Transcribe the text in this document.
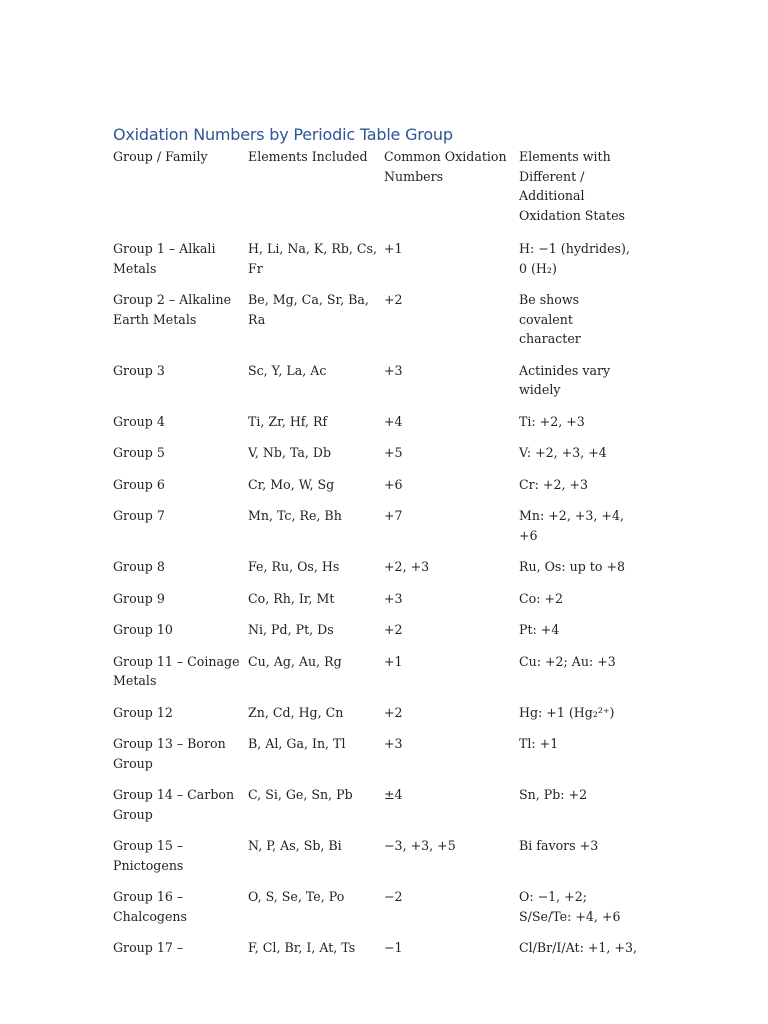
Oxidation Numbers by Periodic Table Group
Group / Family	Elements Included	Common Oxidation Numbers	Elements with Different / Additional Oxidation States
Group 1 – Alkali Metals	H, Li, Na, K, Rb, Cs, Fr	+1	H: −1 (hydrides), 0 (H₂)
Group 2 – Alkaline Earth Metals	Be, Mg, Ca, Sr, Ba, Ra	+2	Be shows covalent character
Group 3	Sc, Y, La, Ac	+3	Actinides vary widely
Group 4	Ti, Zr, Hf, Rf	+4	Ti: +2, +3
Group 5	V, Nb, Ta, Db	+5	V: +2, +3, +4
Group 6	Cr, Mo, W, Sg	+6	Cr: +2, +3
Group 7	Mn, Tc, Re, Bh	+7	Mn: +2, +3, +4, +6
Group 8	Fe, Ru, Os, Hs	+2, +3	Ru, Os: up to +8
Group 9	Co, Rh, Ir, Mt	+3	Co: +2
Group 10	Ni, Pd, Pt, Ds	+2	Pt: +4
Group 11 – Coinage Metals	Cu, Ag, Au, Rg	+1	Cu: +2; Au: +3
Group 12	Zn, Cd, Hg, Cn	+2	Hg: +1 (Hg₂²⁺)
Group 13 – Boron Group	B, Al, Ga, In, Tl	+3	Tl: +1
Group 14 – Carbon Group	C, Si, Ge, Sn, Pb	±4	Sn, Pb: +2
Group 15 – Pnictogens	N, P, As, Sb, Bi	−3, +3, +5	Bi favors +3
Group 16 – Chalcogens	O, S, Se, Te, Po	−2	O: −1, +2; S/Se/Te: +4, +6
Group 17 –	F, Cl, Br, I, At, Ts	−1	Cl/Br/I/At: +1, +3,
